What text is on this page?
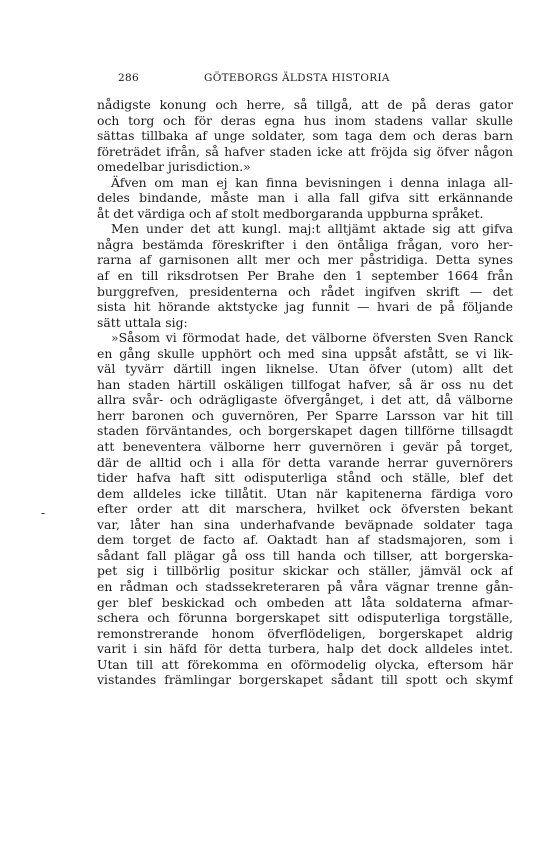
286	GÖTEBORGS ÄLDSTA HISTORIA
-
nådigste konung och herre, så tillgå, att de på deras gator
och torg och för deras egna hus inom stadens vallar skulle
sättas tillbaka af unge soldater, som taga dem och deras barn
företrädet ifrån, så hafver staden icke att fröjda sig öfver någon
omedelbar jurisdiction.»
Äfven om man ej kan finna bevisningen i denna inlaga all-
deles bindande, måste man i alla fall gifva sitt erkännande
åt det värdiga och af stolt medborgaranda uppburna språket.
Men under det att kungl. maj:t alltjämt aktade sig att gifva
några bestämda föreskrifter i den öntåliga frågan, voro her-
rarna af garnisonen allt mer och mer påstridiga. Detta synes
af en till riksdrotsen Per Brahe den 1 september 1664 från
burggrefven, presidenterna och rådet ingifven skrift — det
sista hit hörande aktstycke jag funnit — hvari de på följande
sätt uttala sig:
»Såsom vi förmodat hade, det välborne öfversten Sven Ranck
en gång skulle upphört och med sina uppsåt afstått, se vi lik-
väl tyvärr därtill ingen liknelse. Utan öfver (utom) allt det
han staden härtill oskäligen tillfogat hafver, så är oss nu det
allra svår- och odrägligaste öfvergånget, i det att, då välborne
herr baronen och guvernören, Per Sparre Larsson var hit till
staden förväntandes, och borgerskapet dagen tillförne tillsagdt
att beneventera välborne herr guvernören i gevär på torget,
där de alltid och i alla för detta varande herrar guvernörers
tider hafva haft sitt odisputerliga stånd och ställe, blef det
dem alldeles icke tillåtit. Utan när kapitenerna färdiga voro
efter order att dit marschera, hvilket ock öfversten bekant
var, låter han sina underhafvande beväpnade soldater taga
dem torget de facto af. Oaktadt han af stadsmajoren, som i
sådant fall plägar gå oss till handa och tillser, att borgerska-
pet sig i tillbörlig positur skickar och ställer, jämväl ock af
en rådman och stadssekreteraren på våra vägnar trenne gån-
ger blef beskickad och ombeden att låta soldaterna afmar-
schera och förunna borgerskapet sitt odisputerliga torgställe,
remonstrerande honom öfverflödeligen, borgerskapet aldrig
varit i sin häfd för detta turbera, halp det dock alldeles intet.
Utan till att förekomma en oförmodelig olycka, eftersom här
vistandes främlingar borgerskapet sådant till spott och skymf
